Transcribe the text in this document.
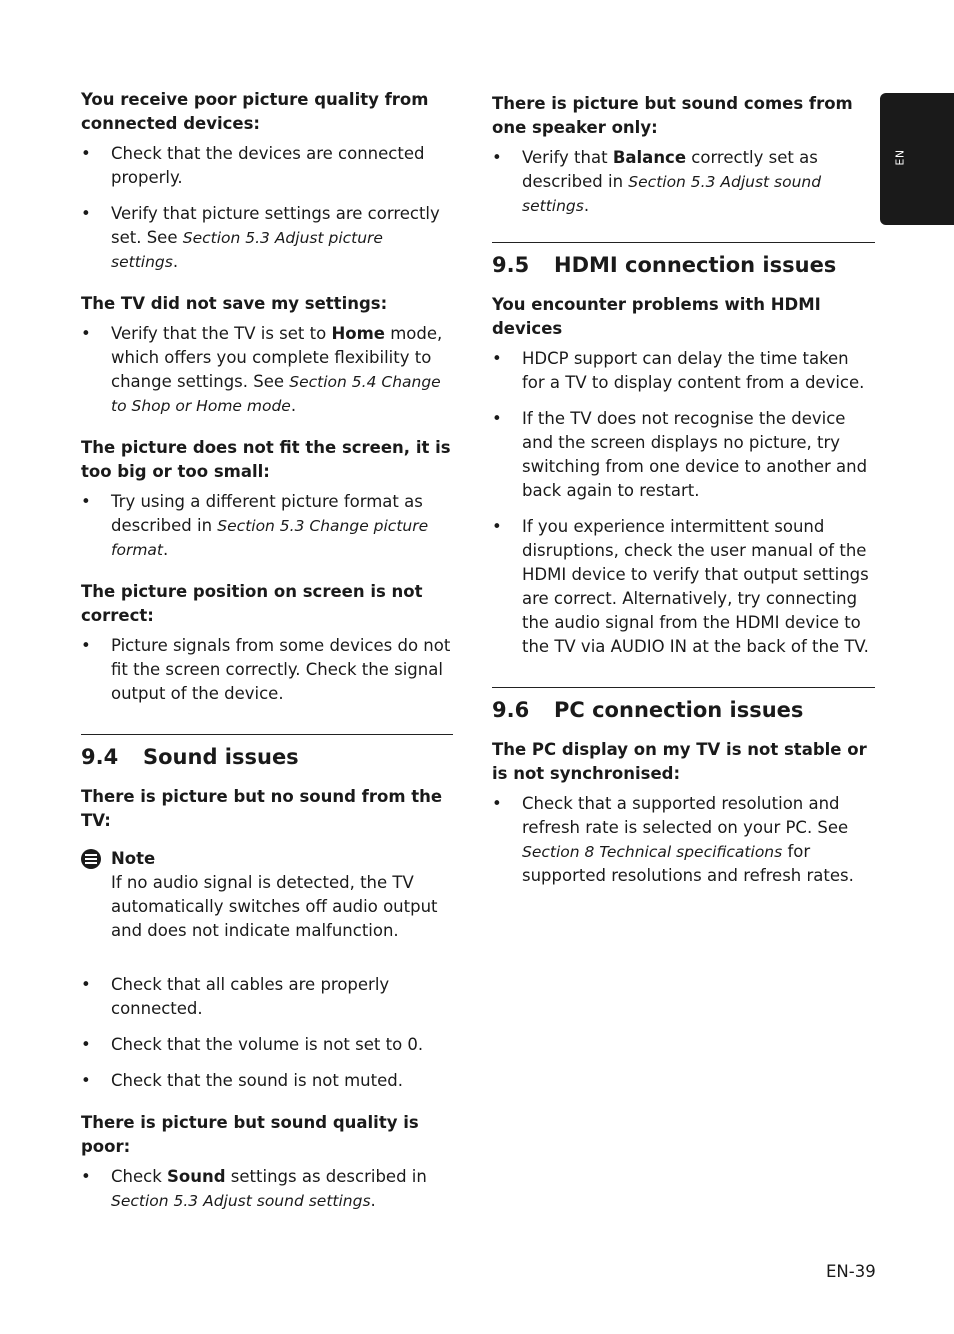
EN

You receive poor picture quality from connected devices:

• Check that the devices are connected properly.
• Verify that picture settings are correctly set. See Section 5.3 Adjust picture settings.

The TV did not save my settings:

• Verify that the TV is set to Home mode, which offers you complete flexibility to change settings. See Section 5.4 Change to Shop or Home mode.

The picture does not fit the screen, it is too big or too small:

• Try using a different picture format as described in Section 5.3 Change picture format.

The picture position on screen is not correct:

• Picture signals from some devices do not fit the screen correctly. Check the signal output of the device.
9.4	Sound issues

There is picture but no sound from the TV:

Note
If no audio signal is detected, the TV automatically switches off audio output and does not indicate malfunction.
• Check that all cables are properly connected.
• Check that the volume is not set to 0.
• Check that the sound is not muted.

There is picture but sound quality is poor:

• Check Sound settings as described in Section 5.3 Adjust sound settings.

There is picture but sound comes from one speaker only:

• Verify that Balance correctly set as described in Section 5.3 Adjust sound settings.
9.5	HDMI connection issues

You encounter problems with HDMI devices

• HDCP support can delay the time taken for a TV to display content from a device.
• If the TV does not recognise the device and the screen displays no picture, try switching from one device to another and back again to restart.
• If you experience intermittent sound disruptions, check the user manual of the HDMI device to verify that output settings are correct. Alternatively, try connecting the audio signal from the HDMI device to the TV via AUDIO IN at the back of the TV.
9.6	PC connection issues

The PC display on my TV is not stable or is not synchronised:

• Check that a supported resolution and refresh rate is selected on your PC. See Section 8 Technical specifications for supported resolutions and refresh rates.
EN-39
